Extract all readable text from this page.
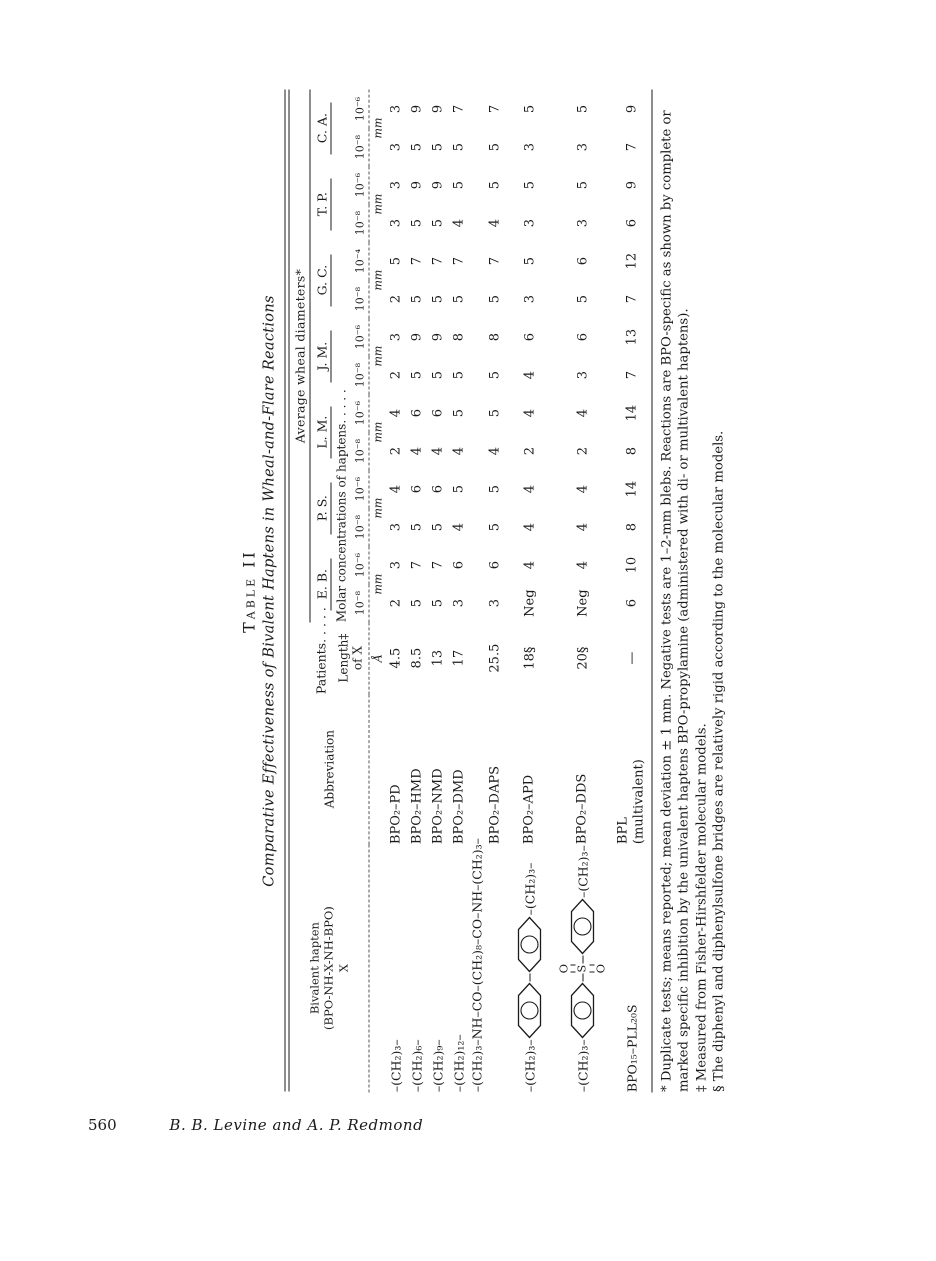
Table II Comparative Effectiveness of Bivalent Haptens in Wheal-and-Flare Reactions
Bivalent hapten (BPO-NH-X-NH-BPO) X	Abbreviation		Average wheal diameters*													
		Patients. . . . .	E. B.		P. S.		L. M.		J. M.		G. C.		T. P.		C. A.	

		Length‡ of X	Molar concentrations of haptens. . . . .													
			10⁻⁸	10⁻⁶	10⁻⁸	10⁻⁶	10⁻⁸	10⁻⁶	10⁻⁸	10⁻⁶	10⁻⁸	10⁻⁴	10⁻⁸	10⁻⁶	10⁻⁸	10⁻⁶
		Å	mm		mm		mm		mm		mm		mm		mm	
–(CH₂)₃–	BPO₂–PD	4.5	2	3	3	4	2	4	2	3	2	5	3	3	3	3
–(CH₂)₆–	BPO₂–HMD	8.5	5	7	5	6	4	6	5	9	5	7	5	9	5	9
–(CH₂)₉–	BPO₂–NMD	13	5	7	5	6	4	6	5	9	5	7	5	9	5	9
–(CH₂)₁₂–	BPO₂–DMD	17	3	6	4	5	4	5	5	8	5	7	4	5	5	7
–(CH₂)₃–NH–CO–(CH₂)₈–CO–NH–(CH₂)₃–																
	BPO₂–DAPS	25.5	3	6	5	5	4	5	5	8	5	7	4	5	5	7

–(CH₂)₃–
–(CH₂)₃–	BPO₂–APD	18§	Neg	4	4	4	2	4	4	6	3	5	3	5	3	5

–(CH₂)₃–
O S O
–(CH₂)₃–	BPO₂–DDS	20§	Neg	4	4	4	2	4	3	6	5	6	3	5	3	5
BPO₁₅–PLL₂₀S	BPL (multivalent)	—	6	10	8	14	8	14	7	13	7	12	6	9	7	9

* Duplicate tests; means reported; mean deviation ± 1 mm. Negative tests are 1–2-mm blebs. Reactions are BPO-specific as shown by complete or marked specific inhibition by the univalent haptens BPO-propylamine (administered with di- or multivalent haptens). ‡ Measured from Fisher-Hirshfelder molecular models. § The diphenyl and diphenylsulfone bridges are relatively rigid according to the molecular models.

560	B. B. Levine and A. P. Redmond
